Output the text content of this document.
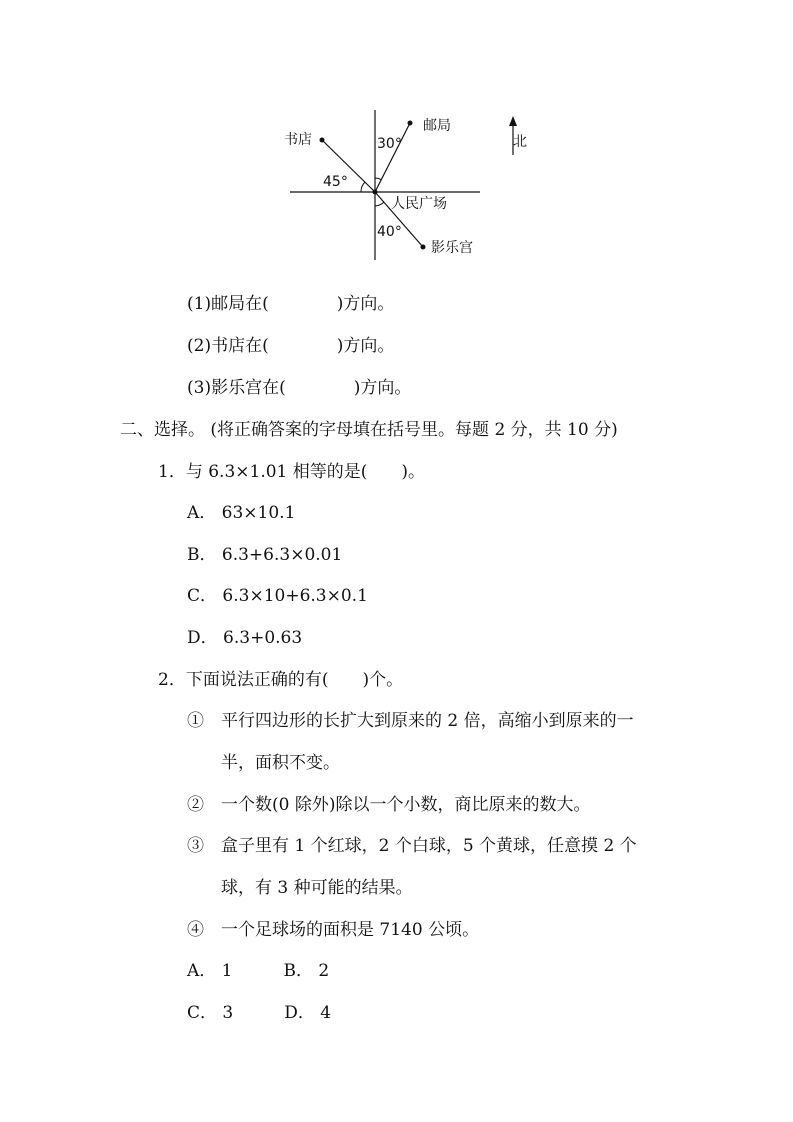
书店
邮局
人民广场
影乐宫
北
45°
30°
40°
(1)邮局在(　　　　)方向。
(2)书店在(　　　　)方向。
(3)影乐宫在(　　　　)方向。
二、选择。 (将正确答案的字母填在括号里。每题 2 分，共 10 分)
1．与 6.3×1.01 相等的是(　　)。
A． 63×10.1
B． 6.3+6.3×0.01
C． 6.3×10+6.3×0.1
D． 6.3+0.63
2．下面说法正确的有(　　)个。
①　平行四边形的长扩大到原来的 2 倍，高缩小到原来的一
　　半，面积不变。
②　一个数(0 除外)除以一个小数，商比原来的数大。
③　盒子里有 1 个红球，2 个白球，5 个黄球，任意摸 2 个
　　球，有 3 种可能的结果。
④　一个足球场的面积是 7140 公顷。
A． 1　　　B． 2
C． 3　　　D． 4
